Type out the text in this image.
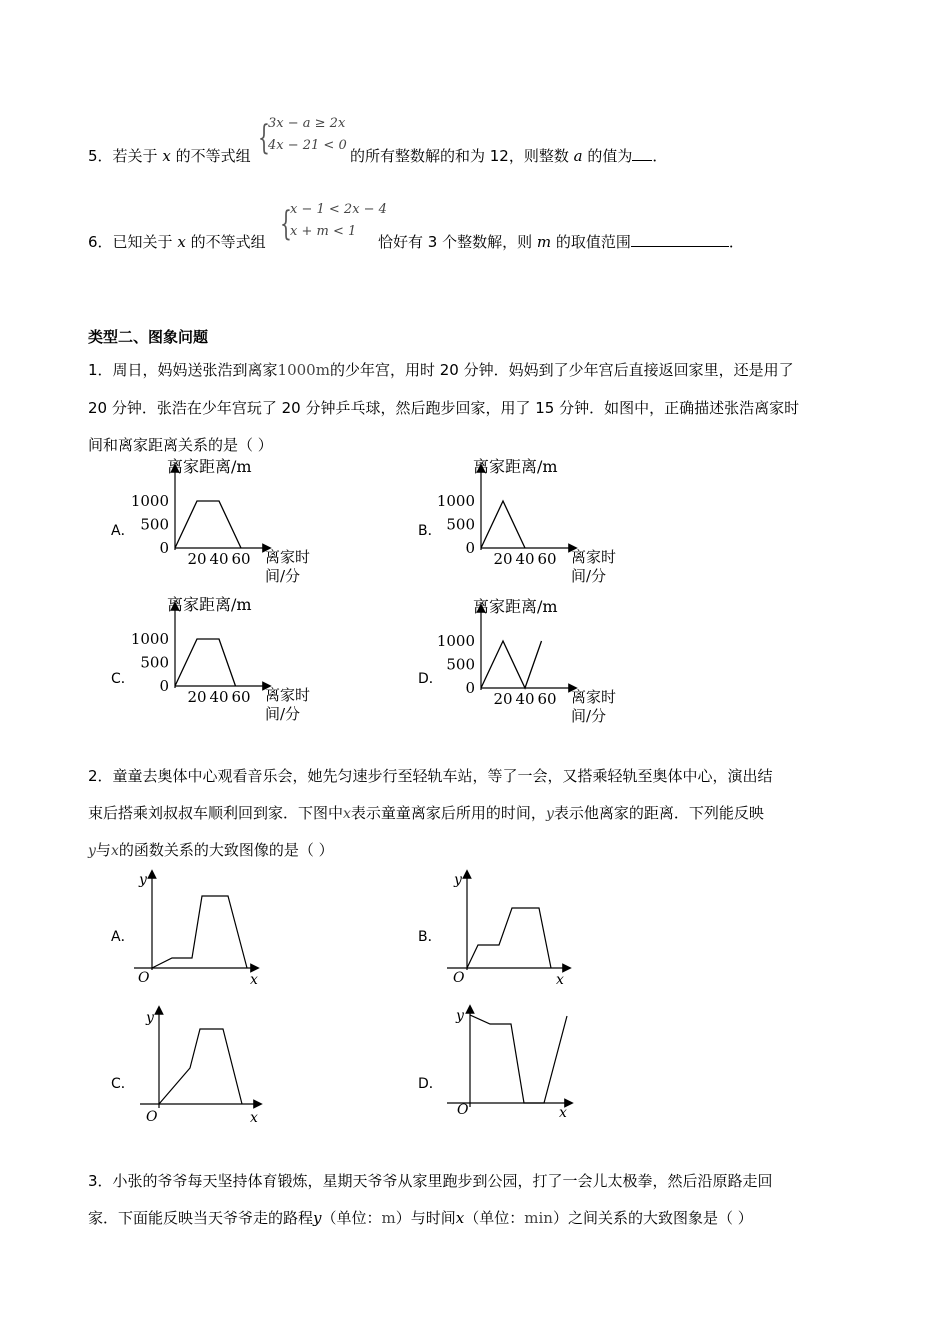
5．若关于 x 的不等式组 {
3x − a ≥ 2x
4x − 21 < 0
的所有整数解的和为 12，则整数 a 的值为 ．
6．已知关于 x 的不等式组 {
x − 1 < 2x − 4
x + m < 1
恰好有 3 个整数解，则 m 的取值范围	．
类型二、图象问题
1．周日，妈妈送张浩到离家1000m的少年宫，用时 20 分钟．妈妈到了少年宫后直接返回家里，还是用了
20 分钟．张浩在少年宫玩了 20 分钟乒乓球，然后跑步回家，用了 15 分钟．如图中，正确描述张浩离家时
间和离家距离关系的是（ ）
A．	B．
C．	D．
离家距离/m
离家时
间/分
1000
500
0
20 40 60
离家距离/m
离家时
间/分
1000
500
0
20 40 60
离家距离/m
离家时
间/分
1000
500
0
20 40 60
离家距离/m
离家时
间/分
1000
500
0
20 40 60
2．童童去奥体中心观看音乐会，她先匀速步行至轻轨车站，等了一会，又搭乘轻轨至奥体中心，演出结
束后搭乘刘叔叔车顺利回到家．下图中x表示童童离家后所用的时间，y表示他离家的距离．下列能反映
y与x的函数关系的大致图像的是（ ）
A．	B．
C．	D．
y
x
O
y
x
O
y
x
O
y
x
O
3．小张的爷爷每天坚持体育锻炼，星期天爷爷从家里跑步到公园，打了一会儿太极拳，然后沿原路走回
家．下面能反映当天爷爷走的路程y（单位：m）与时间x（单位：min）之间关系的大致图象是（ ）
